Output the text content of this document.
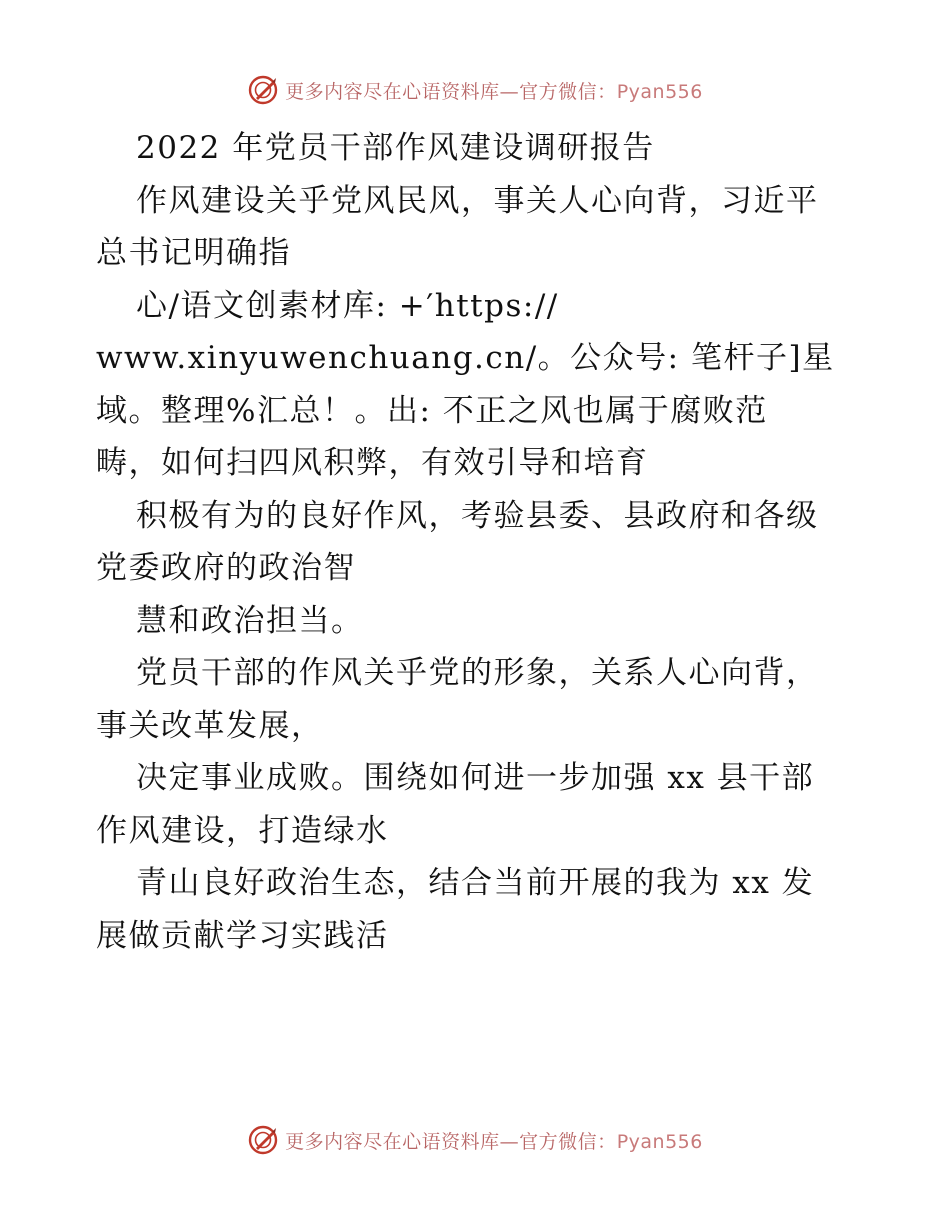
更多内容尽在心语资料库—官方微信：Pyan556
2022 年党员干部作风建设调研报告
作风建设关乎党风民风，事关人心向背，习近平
总书记明确指
心/语文创素材库: +′https://
www.xinyuwenchuang.cn/。公众号: 笔杆子]星
域。整理%汇总！。出: 不正之风也属于腐败范
畴，如何扫四风积弊，有效引导和培育
积极有为的良好作风，考验县委、县政府和各级
党委政府的政治智
慧和政治担当。
党员干部的作风关乎党的形象，关系人心向背，
事关改革发展，
决定事业成败。围绕如何进一步加强 xx 县干部
作风建设，打造绿水
青山良好政治生态，结合当前开展的我为 xx 发
展做贡献学习实践活
更多内容尽在心语资料库—官方微信：Pyan556
